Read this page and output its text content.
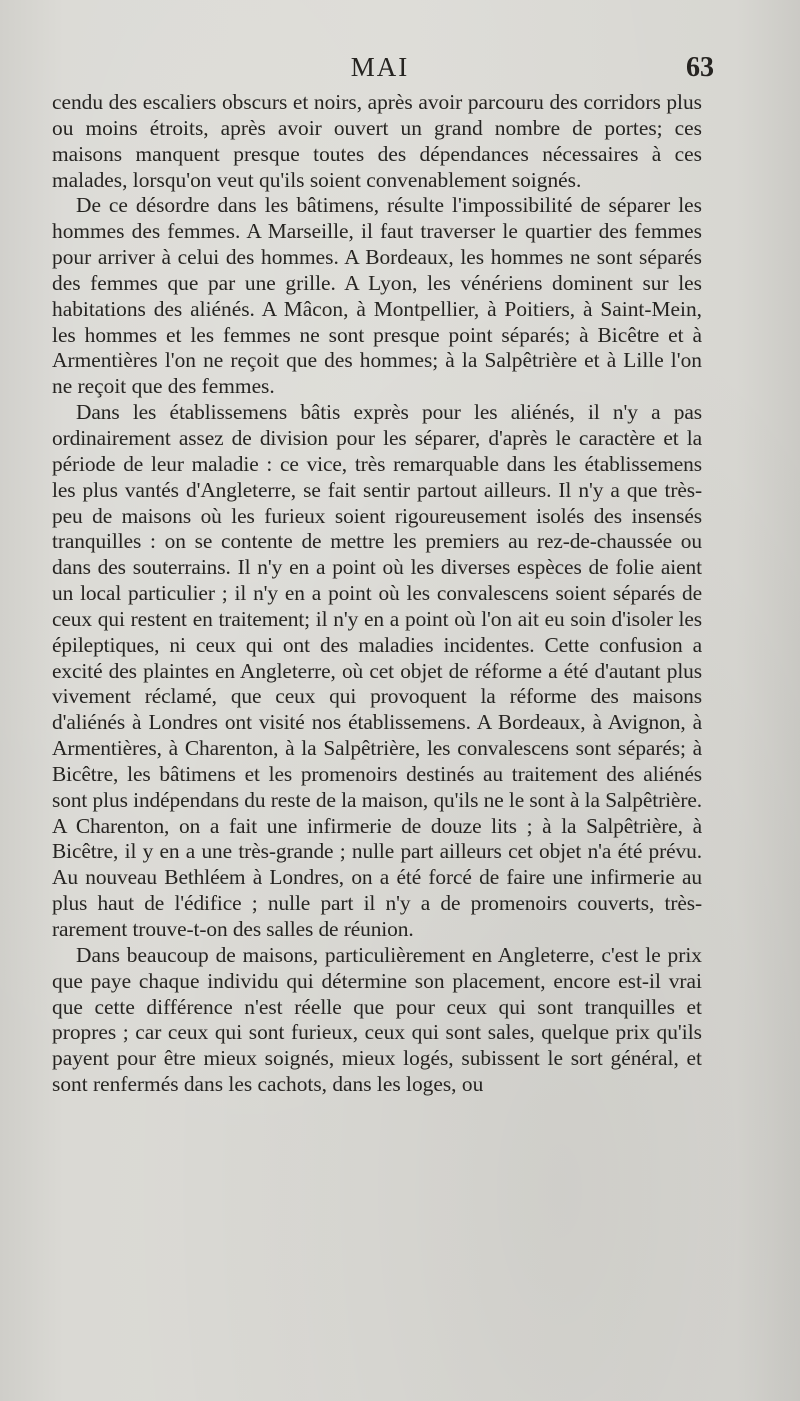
MAI	63

cendu des escaliers obscurs et noirs, après avoir parcouru des corridors plus ou moins étroits, après avoir ouvert un grand nombre de portes; ces maisons manquent presque toutes des dépendances nécessaires à ces malades, lorsqu'on veut qu'ils soient convenablement soignés.

De ce désordre dans les bâtimens, résulte l'impossibilité de séparer les hommes des femmes. A Marseille, il faut traverser le quartier des femmes pour arriver à celui des hommes. A Bordeaux, les hommes ne sont séparés des femmes que par une grille. A Lyon, les vénériens dominent sur les habitations des aliénés. A Mâcon, à Montpellier, à Poitiers, à Saint-Mein, les hommes et les femmes ne sont presque point séparés; à Bicêtre et à Armentières l'on ne reçoit que des hommes; à la Salpêtrière et à Lille l'on ne reçoit que des femmes.

Dans les établissemens bâtis exprès pour les aliénés, il n'y a pas ordinairement assez de division pour les séparer, d'après le caractère et la période de leur maladie : ce vice, très remarquable dans les établissemens les plus vantés d'Angleterre, se fait sentir partout ailleurs. Il n'y a que très-peu de maisons où les furieux soient rigoureusement isolés des insensés tranquilles : on se contente de mettre les premiers au rez-de-chaussée ou dans des souterrains. Il n'y en a point où les diverses espèces de folie aient un local particulier ; il n'y en a point où les convalescens soient séparés de ceux qui restent en traitement; il n'y en a point où l'on ait eu soin d'isoler les épileptiques, ni ceux qui ont des maladies incidentes. Cette confusion a excité des plaintes en Angleterre, où cet objet de réforme a été d'autant plus vivement réclamé, que ceux qui provoquent la réforme des maisons d'aliénés à Londres ont visité nos établissemens. A Bordeaux, à Avignon, à Armentières, à Charenton, à la Salpêtrière, les convalescens sont séparés; à Bicêtre, les bâtimens et les promenoirs destinés au traitement des aliénés sont plus indépendans du reste de la maison, qu'ils ne le sont à la Salpêtrière. A Charenton, on a fait une infirmerie de douze lits ; à la Salpêtrière, à Bicêtre, il y en a une très-grande ; nulle part ailleurs cet objet n'a été prévu. Au nouveau Bethléem à Londres, on a été forcé de faire une infirmerie au plus haut de l'édifice ; nulle part il n'y a de promenoirs couverts, très-rarement trouve-t-on des salles de réunion.

Dans beaucoup de maisons, particulièrement en Angleterre, c'est le prix que paye chaque individu qui détermine son placement, encore est-il vrai que cette différence n'est réelle que pour ceux qui sont tranquilles et propres ; car ceux qui sont furieux, ceux qui sont sales, quelque prix qu'ils payent pour être mieux soignés, mieux logés, subissent le sort général, et sont renfermés dans les cachots, dans les loges, ou
